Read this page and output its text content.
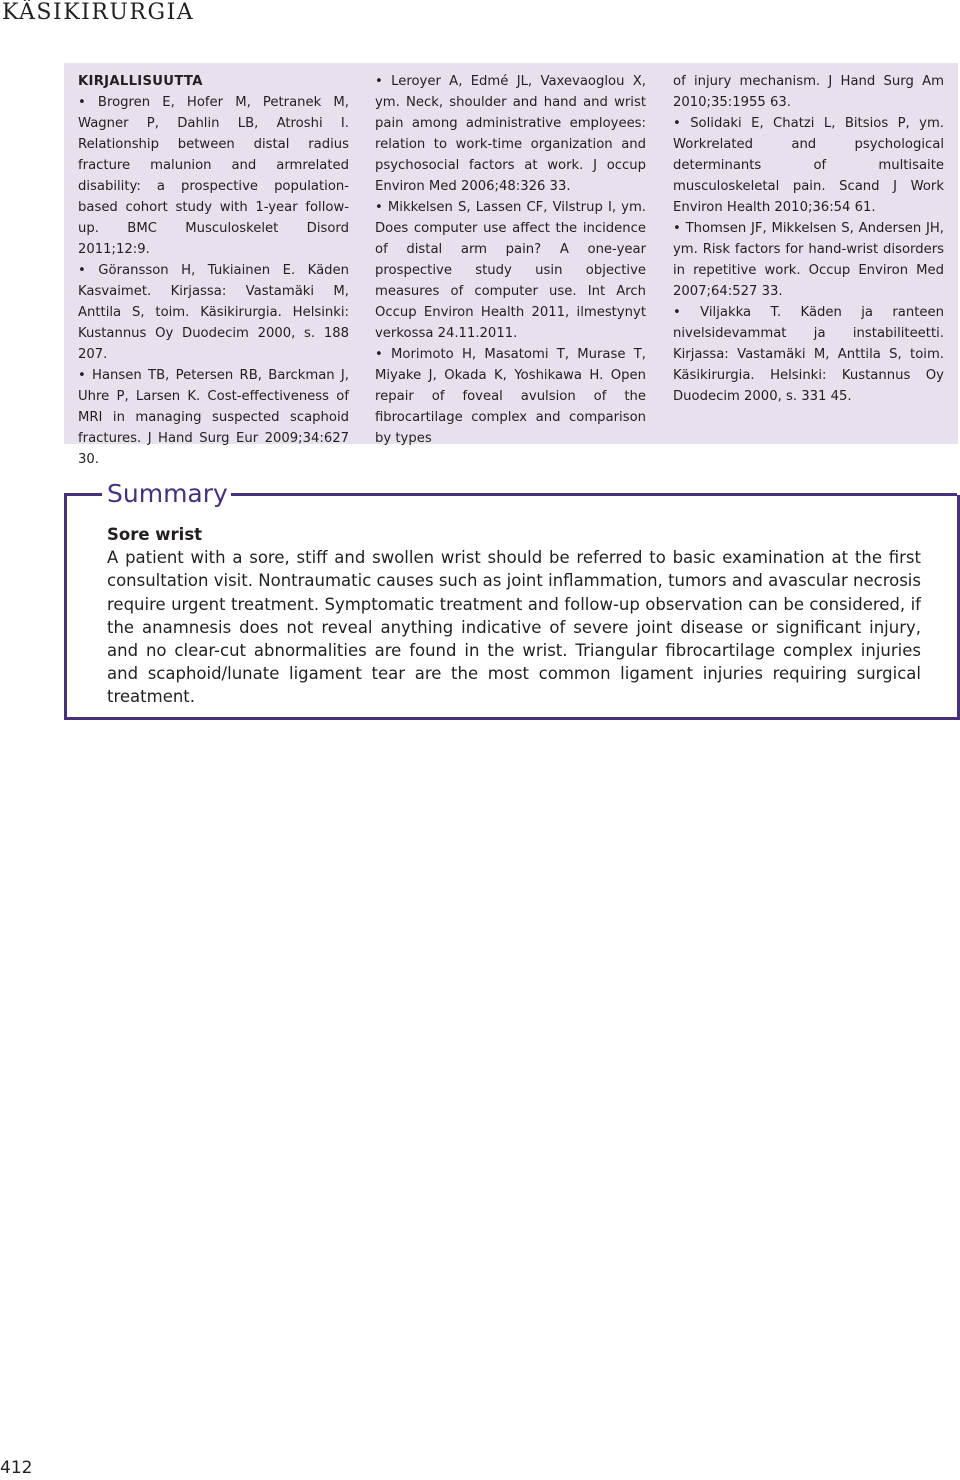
KÄSIKIRURGIA
KIRJALLISUUTTA

• Brogren E, Hofer M, Petranek M, Wagner P, Dahlin LB, Atroshi I. Relationship between distal radius fracture malunion and armrelated disability: a prospective population-based cohort study with 1-year follow-up. BMC Musculoskelet Disord 2011;12:9.

• Göransson H, Tukiainen E. Käden Kasvaimet. Kirjassa: Vastamäki M, Anttila S, toim. Käsikirurgia. Helsinki: Kustannus Oy Duodecim 2000, s. 188 207.

• Hansen TB, Petersen RB, Barckman J, Uhre P, Larsen K. Cost-effectiveness of MRI in managing suspected scaphoid fractures. J Hand Surg Eur 2009;34:627 30.

• Leroyer A, Edmé JL, Vaxevaoglou X, ym. Neck, shoulder and hand and wrist pain among administrative employees: relation to work-time organization and psychosocial factors at work. J occup Environ Med 2006;48:326 33.

• Mikkelsen S, Lassen CF, Vilstrup I, ym. Does computer use affect the incidence of distal arm pain? A one-year prospective study usin objective measures of computer use. Int Arch Occup Environ Health 2011, ilmestynyt verkossa 24.11.2011.

• Morimoto H, Masatomi T, Murase T, Miyake J, Okada K, Yoshikawa H. Open repair of foveal avulsion of the fibrocartilage complex and comparison by types

of injury mechanism. J Hand Surg Am 2010;35:1955 63.

• Solidaki E, Chatzi L, Bitsios P, ym. Workrelated and psychological determinants of multisaite musculoskeletal pain. Scand J Work Environ Health 2010;36:54 61.

• Thomsen JF, Mikkelsen S, Andersen JH, ym. Risk factors for hand-wrist disorders in repetitive work. Occup Environ Med 2007;64:527 33.

• Viljakka T. Käden ja ranteen nivelsidevammat ja instabiliteetti. Kirjassa: Vastamäki M, Anttila S, toim. Käsikirurgia. Helsinki: Kustannus Oy Duodecim 2000, s. 331 45.

Summary
Sore wrist
A patient with a sore, stiff and swollen wrist should be referred to basic examination at the first consultation visit. Nontraumatic causes such as joint inflammation, tumors and avascular necrosis require urgent treatment. Symptomatic treatment and follow-up observation can be considered, if the anamnesis does not reveal anything indicative of severe joint disease or significant injury, and no clear-cut abnormalities are found in the wrist. Triangular fibrocartilage complex injuries and scaphoid/lunate ligament tear are the most common ligament injuries requiring surgical treatment.
412
